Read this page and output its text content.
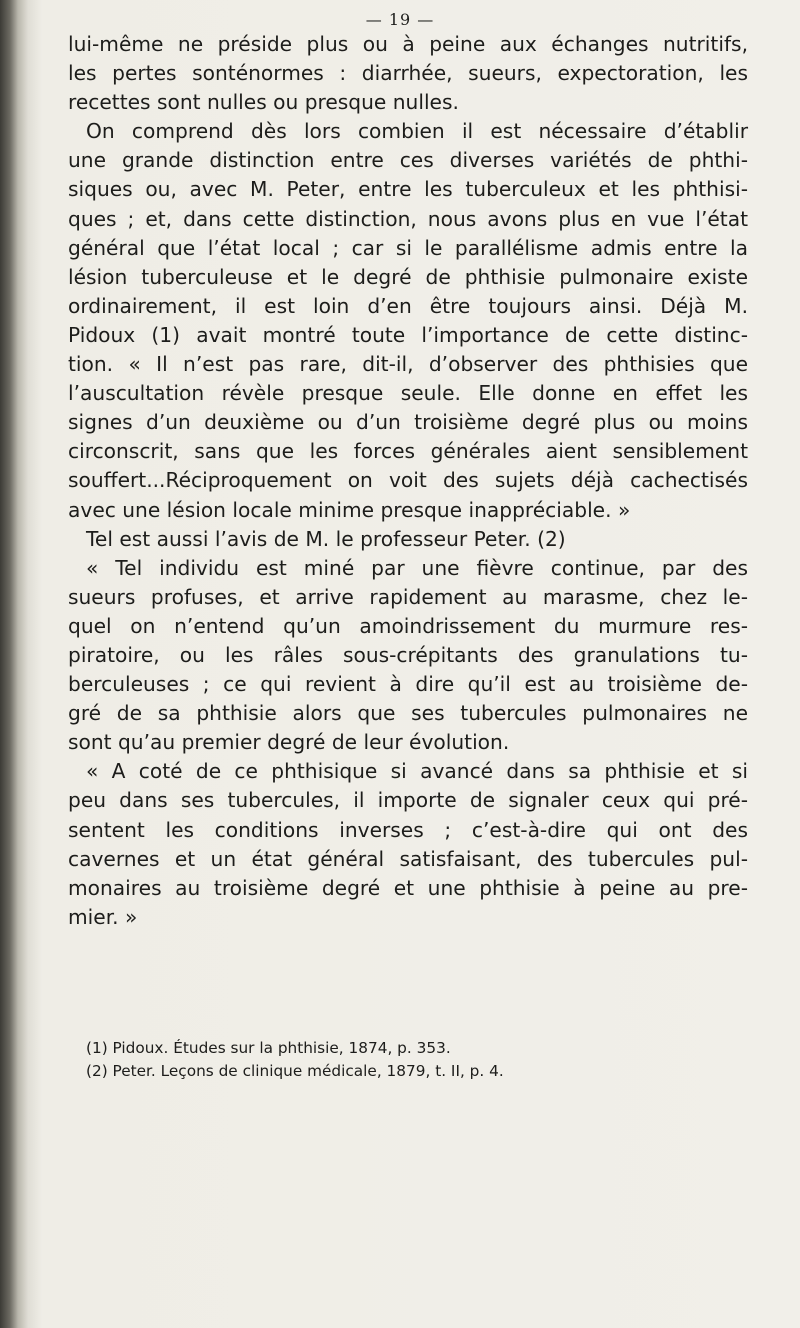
— 19 —
lui-même ne préside plus ou à peine aux échanges nutritifs,
les pertes sonténormes : diarrhée, sueurs, expectoration, les
recettes sont nulles ou presque nulles.
On comprend dès lors combien il est nécessaire d’établir
une grande distinction entre ces diverses variétés de phthi-
siques ou, avec M. Peter, entre les tuberculeux et les phthisi-
ques ; et, dans cette distinction, nous avons plus en vue l’état
général que l’état local ; car si le parallélisme admis entre la
lésion tuberculeuse et le degré de phthisie pulmonaire existe
ordinairement, il est loin d’en être toujours ainsi. Déjà M.
Pidoux (1) avait montré toute l’importance de cette distinc-
tion. « Il n’est pas rare, dit-il, d’observer des phthisies que
l’auscultation révèle presque seule. Elle donne en effet les
signes d’un deuxième ou d’un troisième degré plus ou moins
circonscrit, sans que les forces générales aient sensiblement
souffert...Réciproquement on voit des sujets déjà cachectisés
avec une lésion locale minime presque inappréciable. »
Tel est aussi l’avis de M. le professeur Peter. (2)
« Tel individu est miné par une fièvre continue, par des
sueurs profuses, et arrive rapidement au marasme, chez le-
quel on n’entend qu’un amoindrissement du murmure res-
piratoire, ou les râles sous-crépitants des granulations tu-
berculeuses ; ce qui revient à dire qu’il est au troisième de-
gré de sa phthisie alors que ses tubercules pulmonaires ne
sont qu’au premier degré de leur évolution.
« A coté de ce phthisique si avancé dans sa phthisie et si
peu dans ses tubercules, il importe de signaler ceux qui pré-
sentent les conditions inverses ; c’est-à-dire qui ont des
cavernes et un état général satisfaisant, des tubercules pul-
monaires au troisième degré et une phthisie à peine au pre-
mier. »
(1) Pidoux. Études sur la phthisie, 1874, p. 353.
(2) Peter. Leçons de clinique médicale, 1879, t. II, p. 4.
